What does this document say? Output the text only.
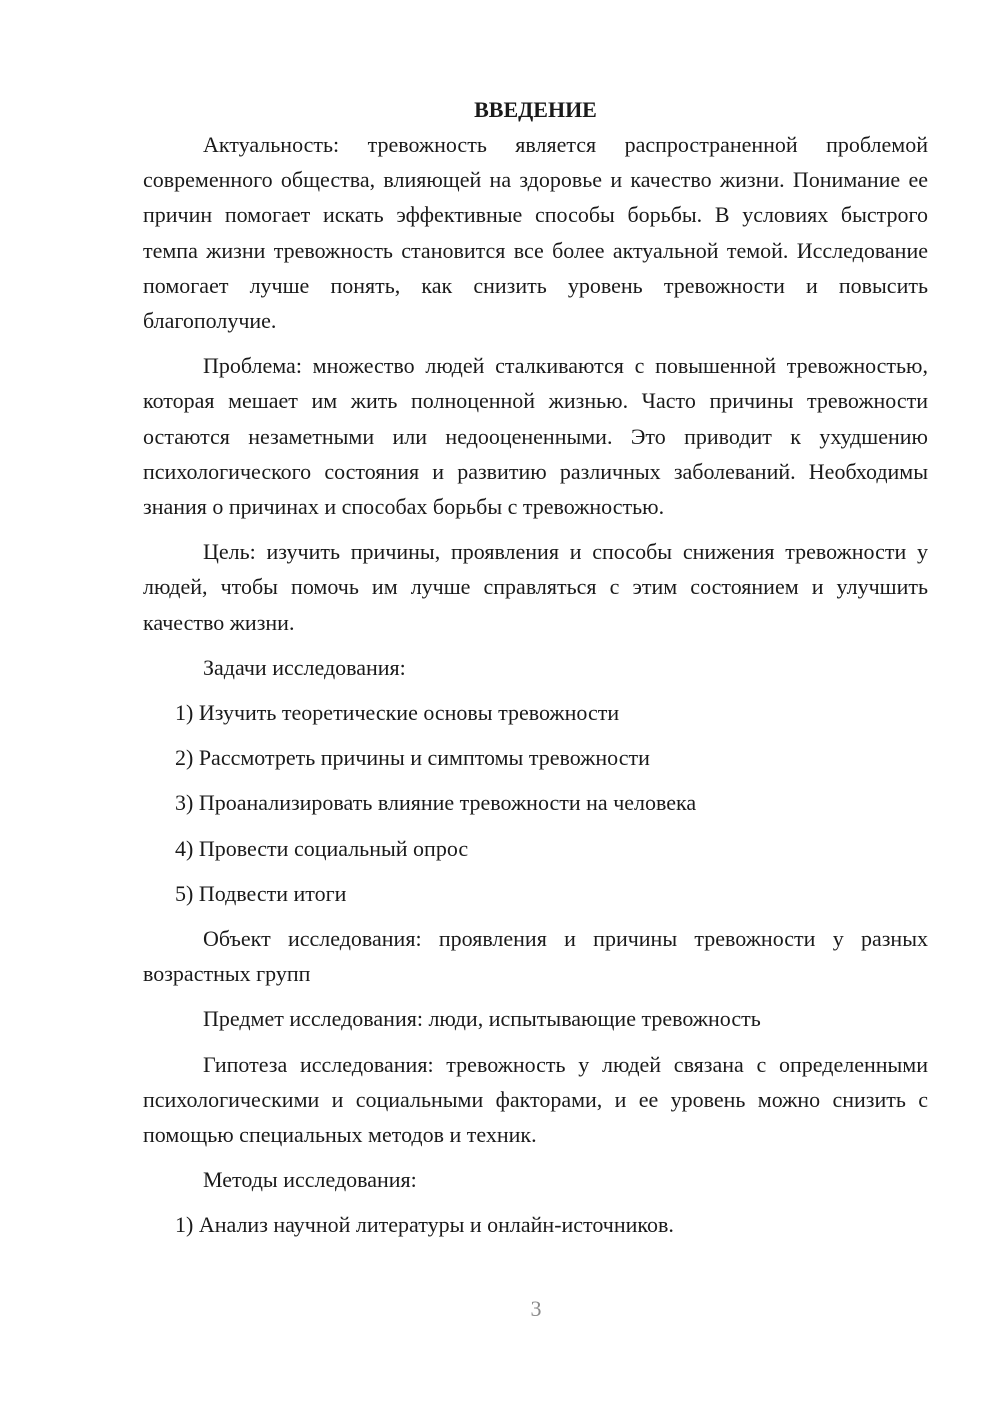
ВВЕДЕНИЕ

Актуальность: тревожность является распространенной проблемой современного общества, влияющей на здоровье и качество жизни. Понимание ее причин помогает искать эффективные способы борьбы. В условиях быстрого темпа жизни тревожность становится все более актуальной темой. Исследование помогает лучше понять, как снизить уровень тревожности и повысить благополучие.

Проблема: множество людей сталкиваются с повышенной тревожностью, которая мешает им жить полноценной жизнью. Часто причины тревожности остаются незаметными или недооцененными. Это приводит к ухудшению психологического состояния и развитию различных заболеваний. Необходимы знания о причинах и способах борьбы с тревожностью.

Цель: изучить причины, проявления и способы снижения тревожности у людей, чтобы помочь им лучше справляться с этим состоянием и улучшить качество жизни.

Задачи исследования:

1) Изучить теоретические основы тревожности

2) Рассмотреть причины и симптомы тревожности

3) Проанализировать влияние тревожности на человека

4) Провести социальный опрос

5) Подвести итоги

Объект исследования: проявления и причины тревожности у разных возрастных групп

Предмет исследования: люди, испытывающие тревожность

Гипотеза исследования: тревожность у людей связана с определенными психологическими и социальными факторами, и ее уровень можно снизить с помощью специальных методов и техник.

Методы исследования:

1) Анализ научной литературы и онлайн-источников.

3
